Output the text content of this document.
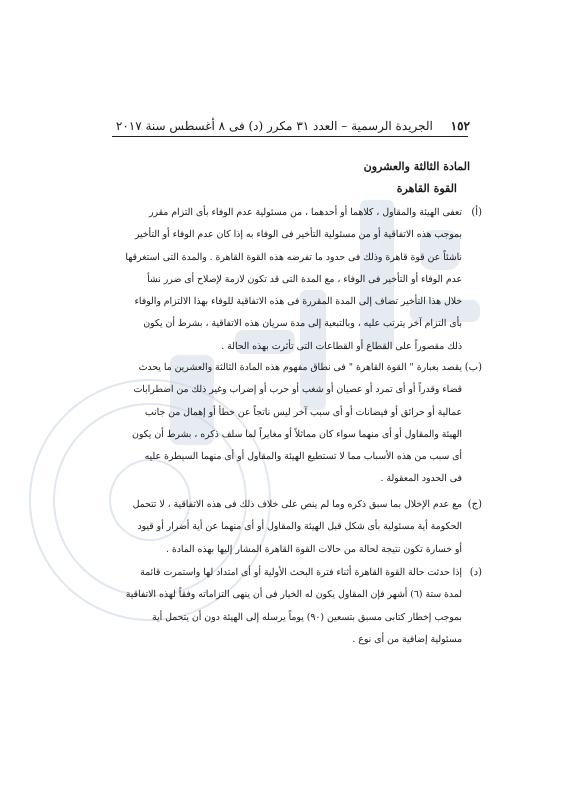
١٥٢ الجريدة الرسمية – العدد ٣١ مكرر (د) فى ٨ أغسطس سنة ٢٠١٧
المادة الثالثة والعشرون
القوة القاهرة
(أ)
تعفى الهيئة والمقاول ، كلاهما أو أحدهما ، من مسئولية عدم الوفاء بأى التزام مقرر
بموجب هذه الاتفاقية أو من مسئولية التأخير فى الوفاء به إذا كان عدم الوفاء أو التأخير
ناشئاً عن قوة قاهرة وذلك فى حدود ما تفرضه هذه القوة القاهرة . والمدة التى استغرقها
عدم الوفاء أو التأخير فى الوفاء ، مع المدة التى قد تكون لازمة لإصلاح أى ضرر نشأ
خلال هذا التأخير تضاف إلى المدة المقررة فى هذه الاتفاقية للوفاء بهذا الالتزام والوفاء
بأى التزام آخر يترتب عليه ، وبالتبعية إلى مدة سريان هذه الاتفاقية ، بشرط أن يكون
ذلك مقصوراً على القطاع أو القطاعات التى تأثرت بهذه الحالة .
(ب)
يقصد بعبارة " القوة القاهرة " فى نطاق مفهوم هذه المادة الثالثة والعشرين ما يحدث
قضاء وقدراً أو أى تمرد أو عصيان أو شغب أو حرب أو إضراب وغير ذلك من اضطرابات
عمالية أو حرائق أو فيضانات أو أى سبب آخر ليس ناتجاً عن خطأ أو إهمال من جانب
الهيئة والمقاول أو أى منهما سواء كان مماثلاً أو مغايراً لما سلف ذكره ، بشرط أن يكون
أى سبب من هذه الأسباب مما لا تستطيع الهيئة والمقاول أو أى منهما السيطرة عليه
فى الحدود المعقولة .
(ج)
مع عدم الإخلال بما سبق ذكره وما لم ينص على خلاف ذلك فى هذه الاتفاقية ، لا تتحمل
الحكومة أية مسئولية بأى شكل قبل الهيئة والمقاول أو أى منهما عن أية أضرار أو قيود
أو خسارة تكون نتيجة لحالة من حالات القوة القاهرة المشار إليها بهذه المادة .
(د)
إذا حدثت حالة القوة القاهرة أثناء فترة البحث الأولية أو أى امتداد لها واستمرت قائمة
لمدة ستة (٦) أشهر فإن المقاول يكون له الخيار فى أن ينهى التزاماته وفقاً لهذه الاتفاقية
بموجب إخطار كتابى مسبق بتسعين (٩٠) يوماً يرسله إلى الهيئة دون أن يتحمل أية
مسئولية إضافية من أى نوع .
